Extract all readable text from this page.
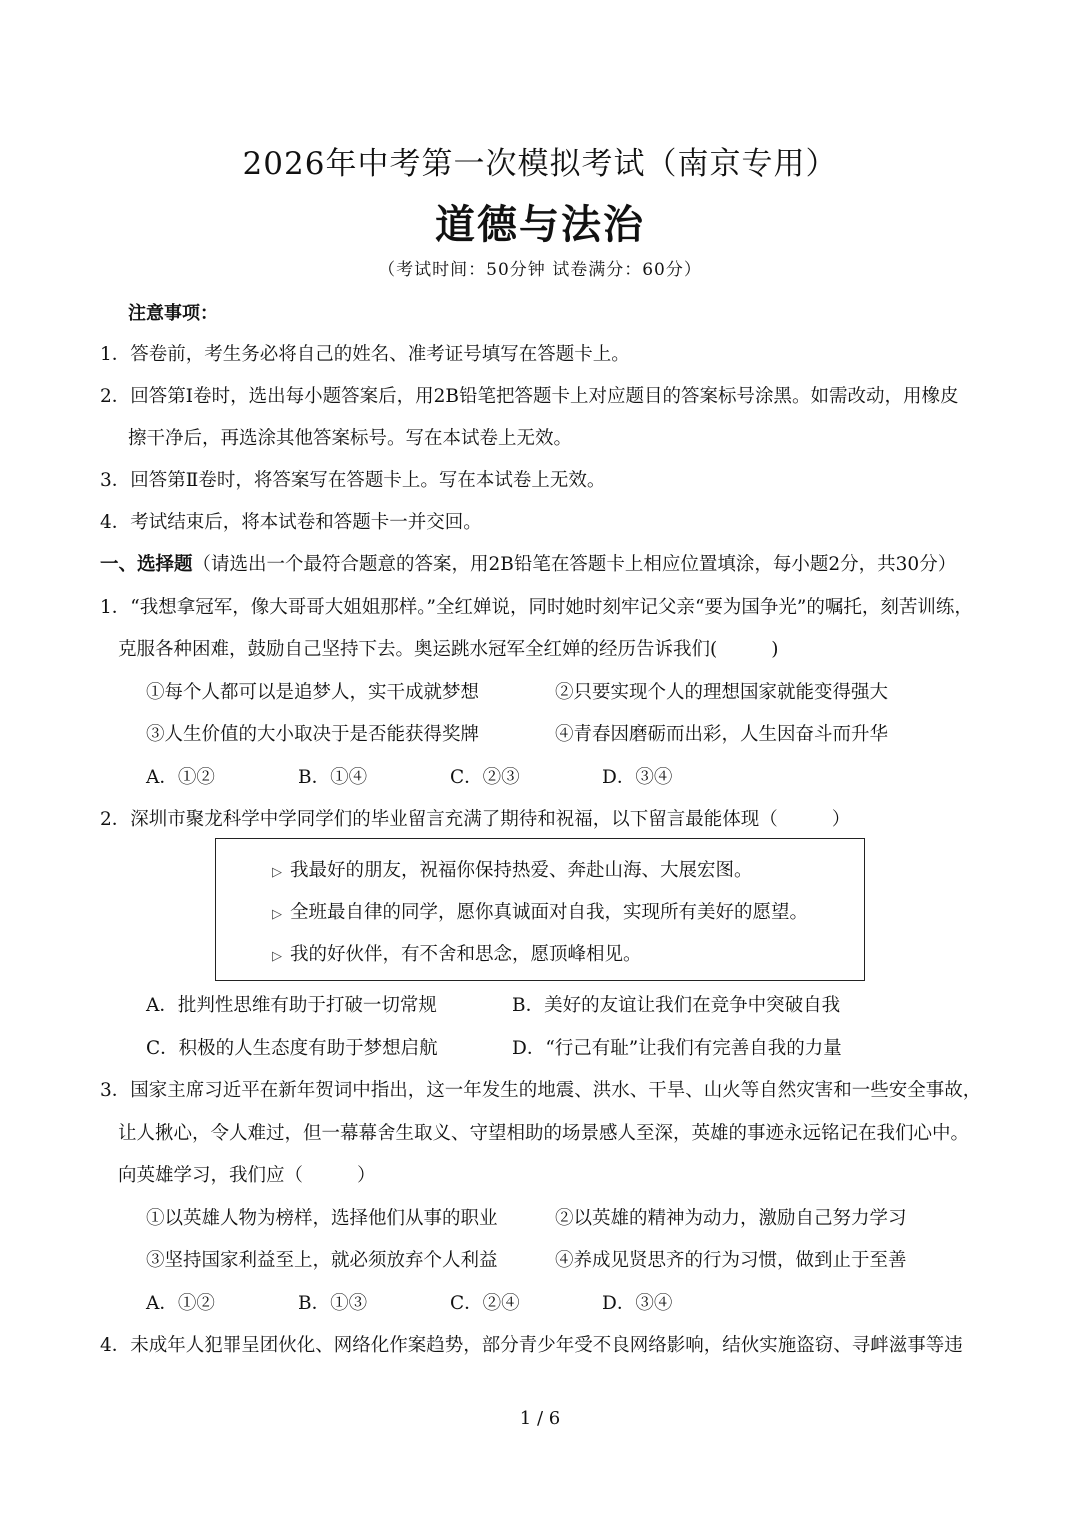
2026年中考第一次模拟考试（南京专用）
道德与法治
（考试时间：50分钟 试卷满分：60分）
注意事项：
1．答卷前，考生务必将自己的姓名、准考证号填写在答题卡上。
2．回答第Ⅰ卷时，选出每小题答案后，用2B铅笔把答题卡上对应题目的答案标号涂黑。如需改动，用橡皮
擦干净后，再选涂其他答案标号。写在本试卷上无效。
3．回答第Ⅱ卷时，将答案写在答题卡上。写在本试卷上无效。
4．考试结束后，将本试卷和答题卡一并交回。
一、选择题（请选出一个最符合题意的答案，用2B铅笔在答题卡上相应位置填涂，每小题2分，共30分）
1．“我想拿冠军，像大哥哥大姐姐那样。”全红婵说，同时她时刻牢记父亲“要为国争光”的嘱托，刻苦训练，
克服各种困难，鼓励自己坚持下去。奥运跳水冠军全红婵的经历告诉我们(	)
①每个人都可以是追梦人，实干成就梦想	②只要实现个人的理想国家就能变得强大
③人生价值的大小取决于是否能获得奖牌	④青春因磨砺而出彩，人生因奋斗而升华
A．①②	B．①④	C．②③	D．③④
2．深圳市聚龙科学中学同学们的毕业留言充满了期待和祝福，以下留言最能体现（	）
▷ 我最好的朋友，祝福你保持热爱、奔赴山海、大展宏图。
▷ 全班最自律的同学，愿你真诚面对自我，实现所有美好的愿望。
▷ 我的好伙伴，有不舍和思念，愿顶峰相见。
A．批判性思维有助于打破一切常规	B．美好的友谊让我们在竞争中突破自我
C．积极的人生态度有助于梦想启航	D．“行己有耻”让我们有完善自我的力量
3．国家主席习近平在新年贺词中指出，这一年发生的地震、洪水、干旱、山火等自然灾害和一些安全事故，
让人揪心，令人难过，但一幕幕舍生取义、守望相助的场景感人至深，英雄的事迹永远铭记在我们心中。
向英雄学习，我们应（	）
①以英雄人物为榜样，选择他们从事的职业	②以英雄的精神为动力，激励自己努力学习
③坚持国家利益至上，就必须放弃个人利益	④养成见贤思齐的行为习惯，做到止于至善
A．①②	B．①③	C．②④	D．③④
4．未成年人犯罪呈团伙化、网络化作案趋势，部分青少年受不良网络影响，结伙实施盗窃、寻衅滋事等违
1 / 6
